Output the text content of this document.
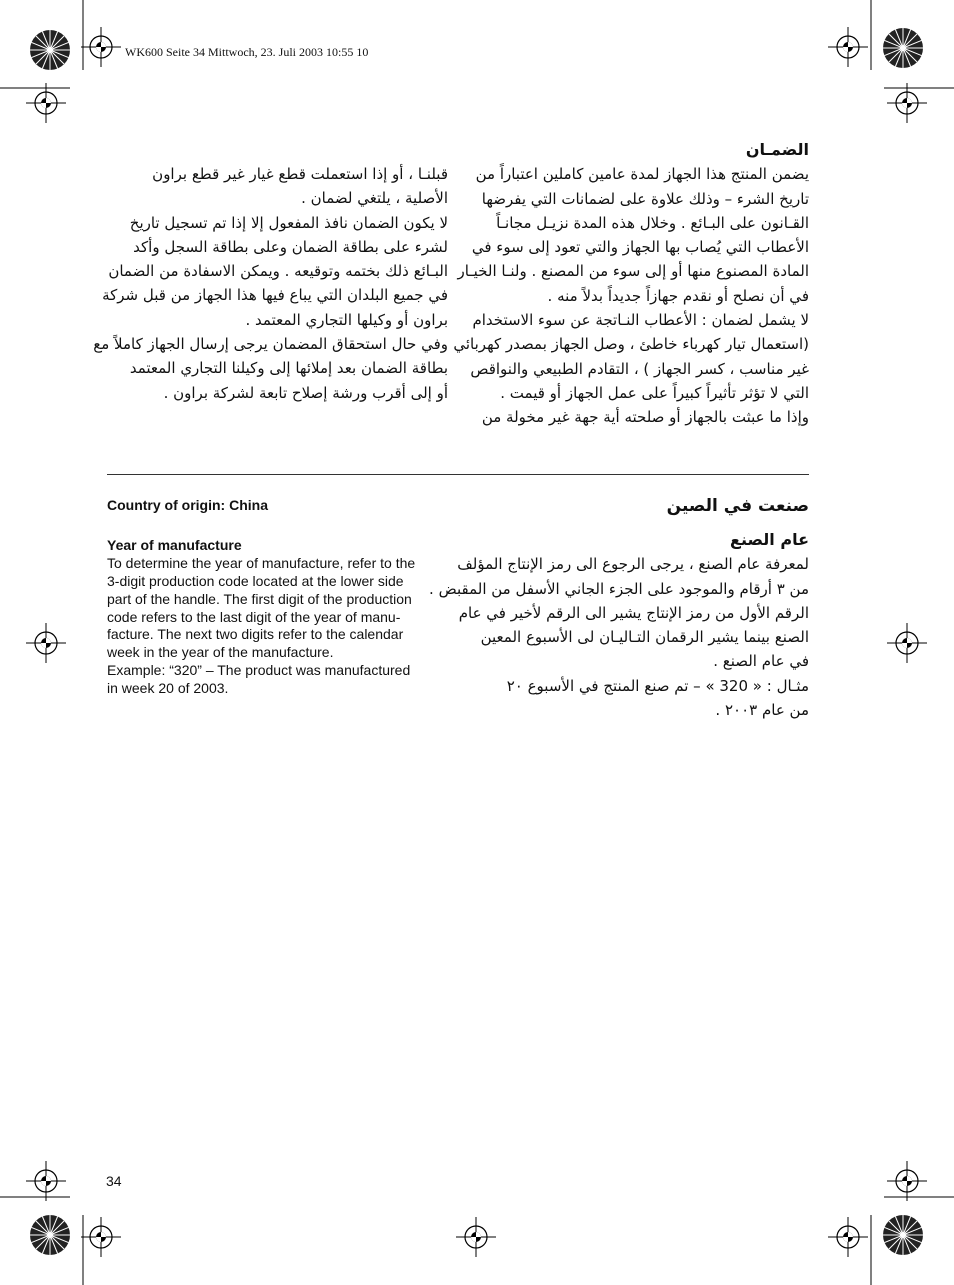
WK600 Seite 34 Mittwoch, 23. Juli 2003 10:55 10
الضمـان
يضمن المنتج هذا الجهاز لمدة عامين كاملين اعتباراً من
تاريخ الشرء – وذلك علاوة على لضمانات التي يفرضها
القـانون على البـائع . وخلال هذه المدة نزيـل مجانـاً
الأعطاب التي يُصاب بها الجهاز والتي تعود إلى سوء في
المادة المصنوع منها أو إلى سوء من المصنع . ولنـا الخيـار
في أن نصلح أو نقدم جهازاً جديداً بدلاً منه .
لا يشمل لضمان : الأعطاب النـاتجة عن سوء الاستخدام
(استعمال تيار كهرباء خاطئ ، وصل الجهاز بمصدر كهربائي
غير مناسب ، كسر الجهاز ) ، التقادم الطبيعي والنواقص
التي لا تؤثر تأثيراً كبيراً على عمل الجهاز أو قيمت .
وإذا ما عبثت بالجهاز أو صلحته أية جهة غير مخولة من
قبلنـا ، أو إذا استعملت قطع غيار غير قطع براون
الأصلية ، يلتغي لضمان .
لا يكون الضمان نافذ المفعول إلا إذا تم تسجيل تاريخ
لشرء على بطاقة الضمان وعلى بطاقة السجل وأكد
البـائع ذلك بختمه وتوقيعه . ويمكن الاسفادة من الضمان
في جميع البلدان التي يباع فيها هذا الجهاز من قبل شركة
براون أو وكيلها التجاري المعتمد .
وفي حال استحقاق المضمان يرجى إرسال الجهاز كاملاً مع
بطاقة الضمان بعد إملائها إلى وكيلنا التجاري المعتمد
أو إلى أقرب ورشة إصلاح تابعة لشركة براون .
Country of origin: China
Year of manufacture
To determine the year of manufacture, refer to the
3-digit production code located at the lower side
part of the handle. The first digit of the production
code refers to the last digit of the year of manu-
facture. The next two digits refer to the calendar
week in the year of the manufacture.
Example: “320” – The product was manufactured
in week 20 of 2003.
صنعت في الصين
عام الصنع
لمعرفة عام الصنع ، يرجى الرجوع الى رمز الإنتاج المؤلف
من ٣ أرقام والموجود على الجزء الجاني الأسفل من المقبض .
الرقم الأول من رمز الإنتاج يشير الى الرقم لأخير في عام
الصنع بينما يشير الرقمان التـاليـان لى الأسبوع المعين
في عام الصنع .
مثـال : « 320 » – تم صنع المنتج في الأسبوع ٢٠
من عام ٢٠٠٣ .
34
